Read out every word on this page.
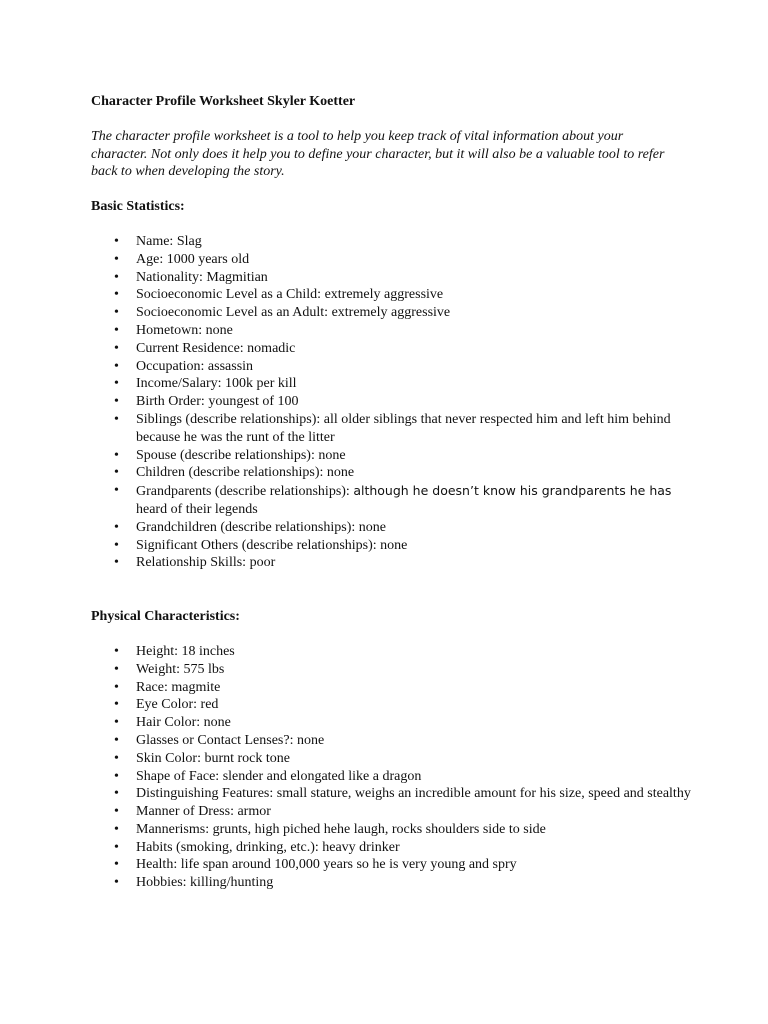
Character Profile Worksheet Skyler Koetter
The character profile worksheet is a tool to help you keep track of vital information about your character. Not only does it help you to define your character, but it will also be a valuable tool to refer back to when developing the story.
Basic Statistics:
• Name: Slag
• Age: 1000 years old
• Nationality: Magmitian
• Socioeconomic Level as a Child: extremely aggressive
• Socioeconomic Level as an Adult: extremely aggressive
• Hometown: none
• Current Residence: nomadic
• Occupation: assassin
• Income/Salary: 100k per kill
• Birth Order: youngest of 100
• Siblings (describe relationships): all older siblings that never respected him and left him behind because he was the runt of the litter
• Spouse (describe relationships): none
• Children (describe relationships): none
• Grandparents (describe relationships): although he doesn’t know his grandparents he has heard of their legends
• Grandchildren (describe relationships): none
• Significant Others (describe relationships): none
• Relationship Skills: poor
Physical Characteristics:
• Height: 18 inches
• Weight: 575 lbs
• Race: magmite
• Eye Color: red
• Hair Color: none
• Glasses or Contact Lenses?: none
• Skin Color: burnt rock tone
• Shape of Face: slender and elongated like a dragon
• Distinguishing Features: small stature, weighs an incredible amount for his size, speed and stealthy
• Manner of Dress: armor
• Mannerisms: grunts, high piched hehe laugh, rocks shoulders side to side
• Habits (smoking, drinking, etc.): heavy drinker
• Health: life span around 100,000 years so he is very young and spry
• Hobbies: killing/hunting
